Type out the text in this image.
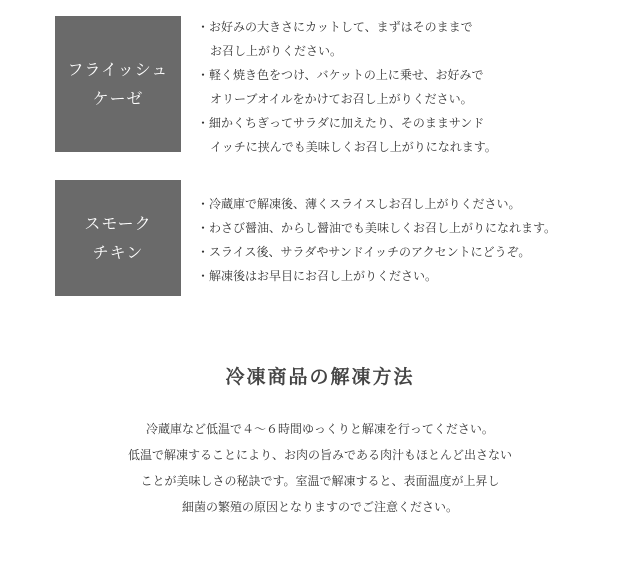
フライッシュ
ケーゼ
・お好みの大きさにカットして、まずはそのままで
お召し上がりください。
・軽く焼き色をつけ、バケットの上に乗せ、お好みで
オリーブオイルをかけてお召し上がりください。
・細かくちぎってサラダに加えたり、そのままサンド
イッチに挟んでも美味しくお召し上がりになれます。
スモーク
チキン
・冷蔵庫で解凍後、薄くスライスしお召し上がりください。
・わさび醤油、からし醤油でも美味しくお召し上がりになれます。
・スライス後、サラダやサンドイッチのアクセントにどうぞ。
・解凍後はお早目にお召し上がりください。
冷凍商品の解凍方法

冷蔵庫など低温で４〜６時間ゆっくりと解凍を行ってください。
低温で解凍することにより、お肉の旨みである肉汁もほとんど出さない
ことが美味しさの秘訣です。室温で解凍すると、表面温度が上昇し
細菌の繁殖の原因となりますのでご注意ください。
